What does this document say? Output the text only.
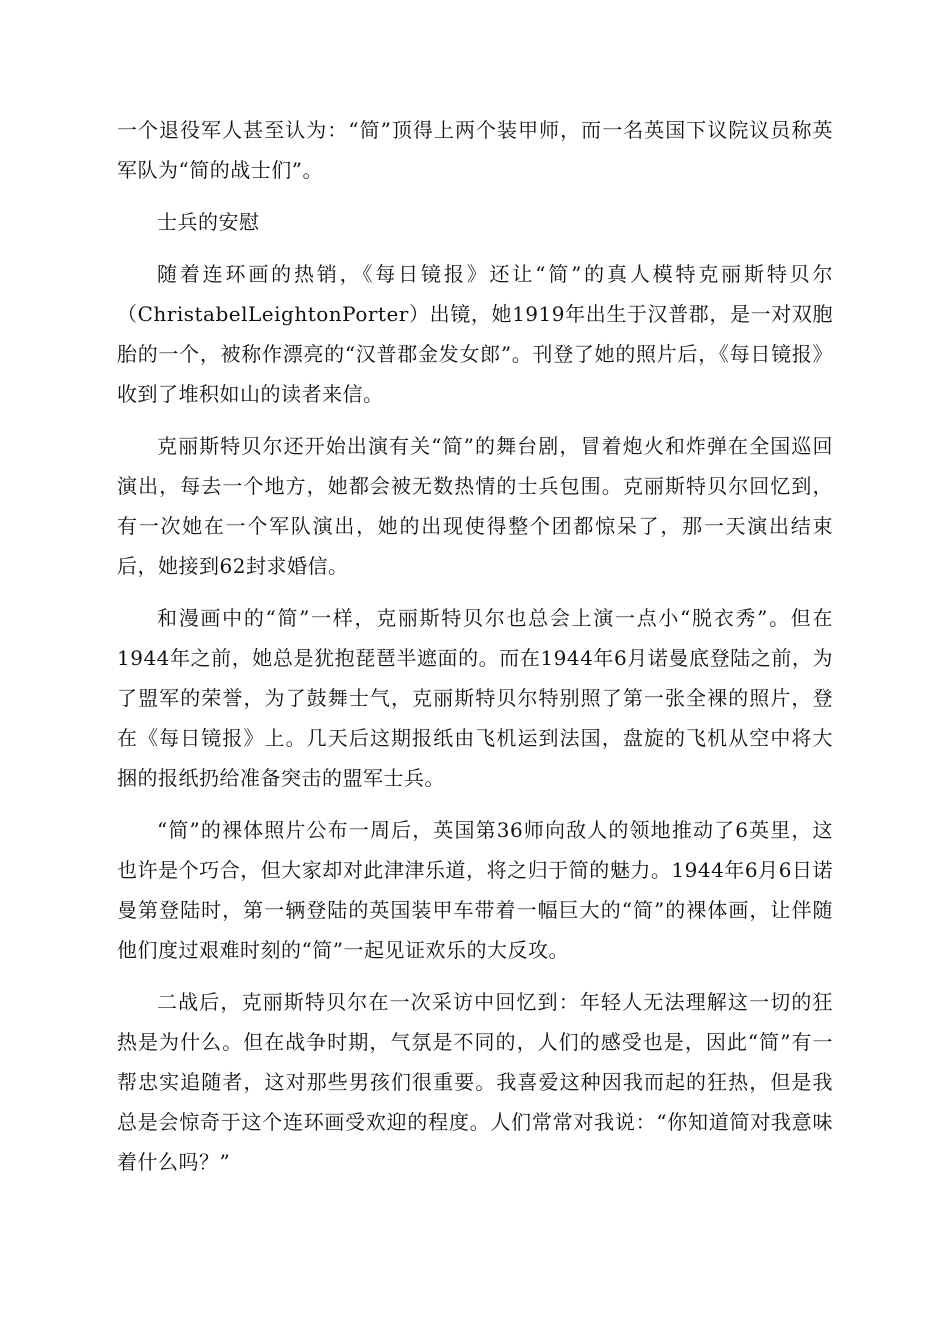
一个退役军人甚至认为：“简”顶得上两个装甲师，而一名英国下议院议员称英军队为“简的战士们”。

士兵的安慰

随着连环画的热销，《每日镜报》还让“简”的真人模特克丽斯特贝尔（ChristabelLeightonPorter）出镜，她1919年出生于汉普郡，是一对双胞胎的一个，被称作漂亮的“汉普郡金发女郎”。刊登了她的照片后，《每日镜报》收到了堆积如山的读者来信。

克丽斯特贝尔还开始出演有关“简”的舞台剧，冒着炮火和炸弹在全国巡回演出，每去一个地方，她都会被无数热情的士兵包围。克丽斯特贝尔回忆到，有一次她在一个军队演出，她的出现使得整个团都惊呆了，那一天演出结束后，她接到62封求婚信。

和漫画中的“简”一样，克丽斯特贝尔也总会上演一点小“脱衣秀”。但在1944年之前，她总是犹抱琵琶半遮面的。而在1944年6月诺曼底登陆之前，为了盟军的荣誉，为了鼓舞士气，克丽斯特贝尔特别照了第一张全裸的照片，登在《每日镜报》上。几天后这期报纸由飞机运到法国，盘旋的飞机从空中将大捆的报纸扔给准备突击的盟军士兵。

“简”的裸体照片公布一周后，英国第36师向敌人的领地推动了6英里，这也许是个巧合，但大家却对此津津乐道，将之归于简的魅力。1944年6月6日诺曼第登陆时，第一辆登陆的英国装甲车带着一幅巨大的“简”的裸体画，让伴随他们度过艰难时刻的“简”一起见证欢乐的大反攻。

二战后，克丽斯特贝尔在一次采访中回忆到：年轻人无法理解这一切的狂热是为什么。但在战争时期，气氛是不同的，人们的感受也是，因此“简”有一帮忠实追随者，这对那些男孩们很重要。我喜爱这种因我而起的狂热，但是我总是会惊奇于这个连环画受欢迎的程度。人们常常对我说：“你知道简对我意味着什么吗？”
